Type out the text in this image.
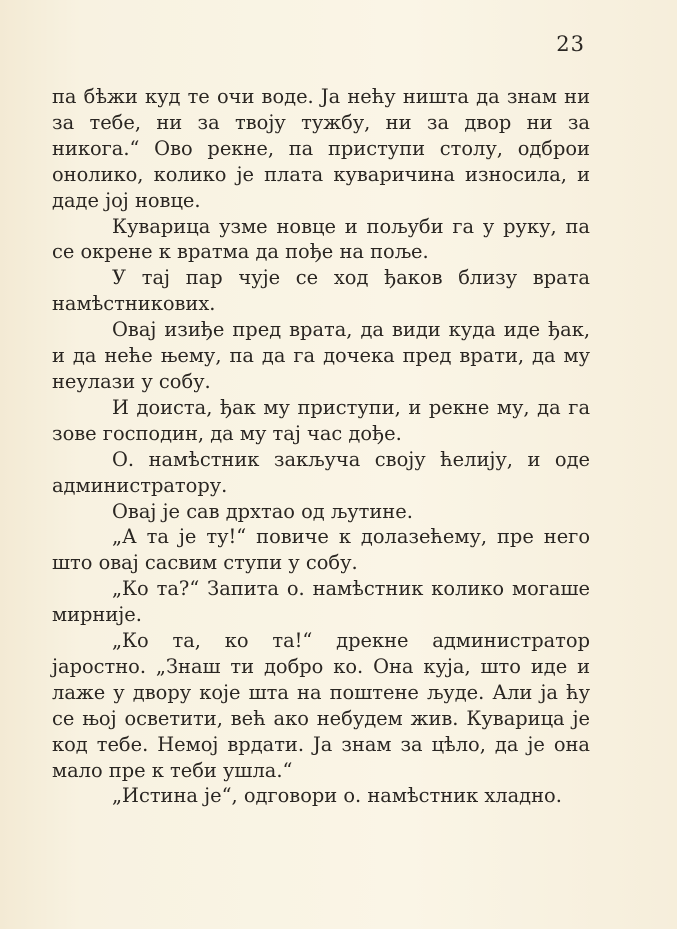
23

па бѣжи куд те очи воде. Ја нећу ништа да знам ни за тебе, ни за твоју тужбу, ни за двор ни за никога.“ Ово рекне, па приступи столу, одброи онолико, колико је плата куваричина износила, и даде јој новце.

Куварица узме новце и пољуби га у руку, па се окрене к вратма да пођe на поље.

У тај пар чује се ход ђаков близу врата намѣстникових.

Овај изиђе пред врата, да види куда иде ђак, и да неће њему, па да га дочека пред врати, да му неулази у собу.

И доиста, ђак му приступи, и рекне му, да га зове господин, да му тај час дође.

О. намѣстник закључа своју ћелију, и оде администратору.

Овај је сав дрхтао од љутине.

„А та је ту!“ повиче к долазећему, пре него што овај сасвим ступи у собу.

„Ко та?“ Запита о. намѣстник колико могаше мирније.

„Ко та, ко та!“ дрекне администратор јаростно. „Знаш ти добро ко. Она куја, што иде и лаже у двору које шта на поштене људе. Али ја ћу се њој осветити, већ ако небудем жив. Куварица је код тебе. Немој врдати. Ја знам за цѣло, да је она мало пре к теби ушла.“

„Истина је“, одговори о. намѣстник хладно.
